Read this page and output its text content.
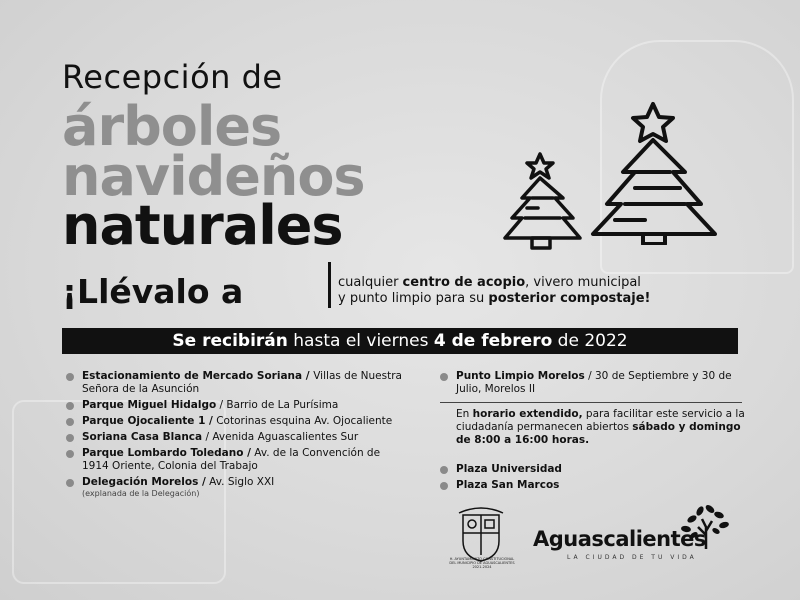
Recepción de
árboles
navideños
naturales
¡Llévalo a	cualquier centro de acopio, vivero municipal
y punto limpio para su posterior compostaje!
Se recibirán hasta el viernes 4 de febrero de 2022
Estacionamiento de Mercado Soriana / Villas de Nuestra Señora de la Asunción
Parque Miguel Hidalgo / Barrio de La Purísima
Parque Ojocaliente 1 / Cotorinas esquina Av. Ojocaliente
Soriana Casa Blanca / Avenida Aguascalientes Sur
Parque Lombardo Toledano / Av. de la Convención de 1914 Oriente, Colonia del Trabajo
Delegación Morelos / Av. Siglo XXI
(explanada de la Delegación)
Punto Limpio Morelos / 30 de Septiembre y 30 de Julio, Morelos II
En horario extendido, para facilitar este servicio a la ciudadanía permanecen abiertos sábado y domingo de 8:00 a 16:00 horas.
Plaza Universidad
Plaza San Marcos
H. AYUNTAMIENTO CONSTITUCIONAL DEL MUNICIPIO DE AGUASCALIENTES 2021-2024
Aguascalientes
LA CIUDAD DE TU VIDA
